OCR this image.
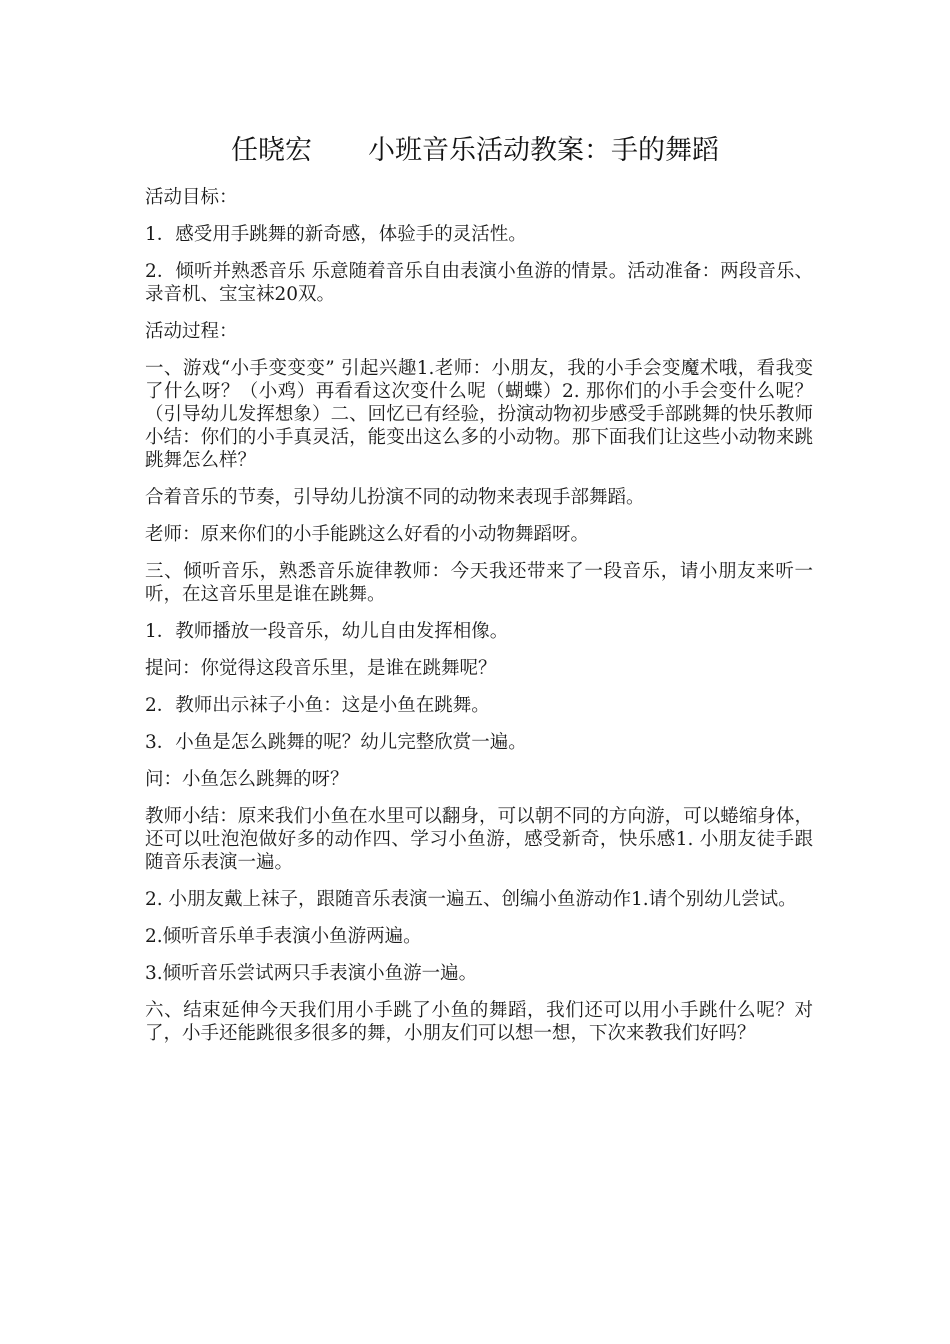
任晓宏 小班音乐活动教案：手的舞蹈

活动目标：

1．感受用手跳舞的新奇感，体验手的灵活性。

2．倾听并熟悉音乐 乐意随着音乐自由表演小鱼游的情景。活动准备：两段音乐、录音机、宝宝袜20双。

活动过程：

一、游戏“小手变变变” 引起兴趣1.老师：小朋友，我的小手会变魔术哦，看我变了什么呀？（小鸡）再看看这次变什么呢（蝴蝶）2. 那你们的小手会变什么呢？（引导幼儿发挥想象）二、回忆已有经验，扮演动物初步感受手部跳舞的快乐教师小结：你们的小手真灵活，能变出这么多的小动物。那下面我们让这些小动物来跳跳舞怎么样？

合着音乐的节奏，引导幼儿扮演不同的动物来表现手部舞蹈。

老师：原来你们的小手能跳这么好看的小动物舞蹈呀。

三、倾听音乐，熟悉音乐旋律教师：今天我还带来了一段音乐，请小朋友来听一听，在这音乐里是谁在跳舞。

1．教师播放一段音乐，幼儿自由发挥相像。

提问：你觉得这段音乐里，是谁在跳舞呢？

2．教师出示袜子小鱼：这是小鱼在跳舞。

3．小鱼是怎么跳舞的呢？幼儿完整欣赏一遍。

问：小鱼怎么跳舞的呀？

教师小结：原来我们小鱼在水里可以翻身，可以朝不同的方向游，可以蜷缩身体，还可以吐泡泡做好多的动作四、学习小鱼游，感受新奇，快乐感1. 小朋友徒手跟随音乐表演一遍。

2. 小朋友戴上袜子，跟随音乐表演一遍五、创编小鱼游动作1.请个别幼儿尝试。

2.倾听音乐单手表演小鱼游两遍。

3.倾听音乐尝试两只手表演小鱼游一遍。

六、结束延伸今天我们用小手跳了小鱼的舞蹈，我们还可以用小手跳什么呢？对了，小手还能跳很多很多的舞，小朋友们可以想一想，下次来教我们好吗？
